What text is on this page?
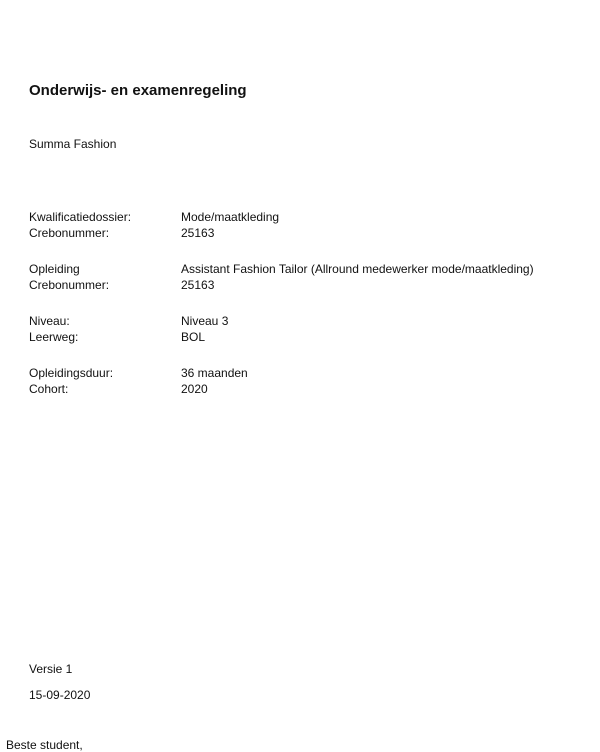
Onderwijs- en examenregeling

Summa Fashion

Kwalificatiedossier:	Mode/maatkleding
Crebonummer:	25163
Opleiding	Assistant Fashion Tailor (Allround medewerker mode/maatkleding)
Crebonummer:	25163
Niveau:	Niveau 3
Leerweg:	BOL
Opleidingsduur:	36 maanden
Cohort:	2020

Versie 1

15-09-2020

Beste student,
